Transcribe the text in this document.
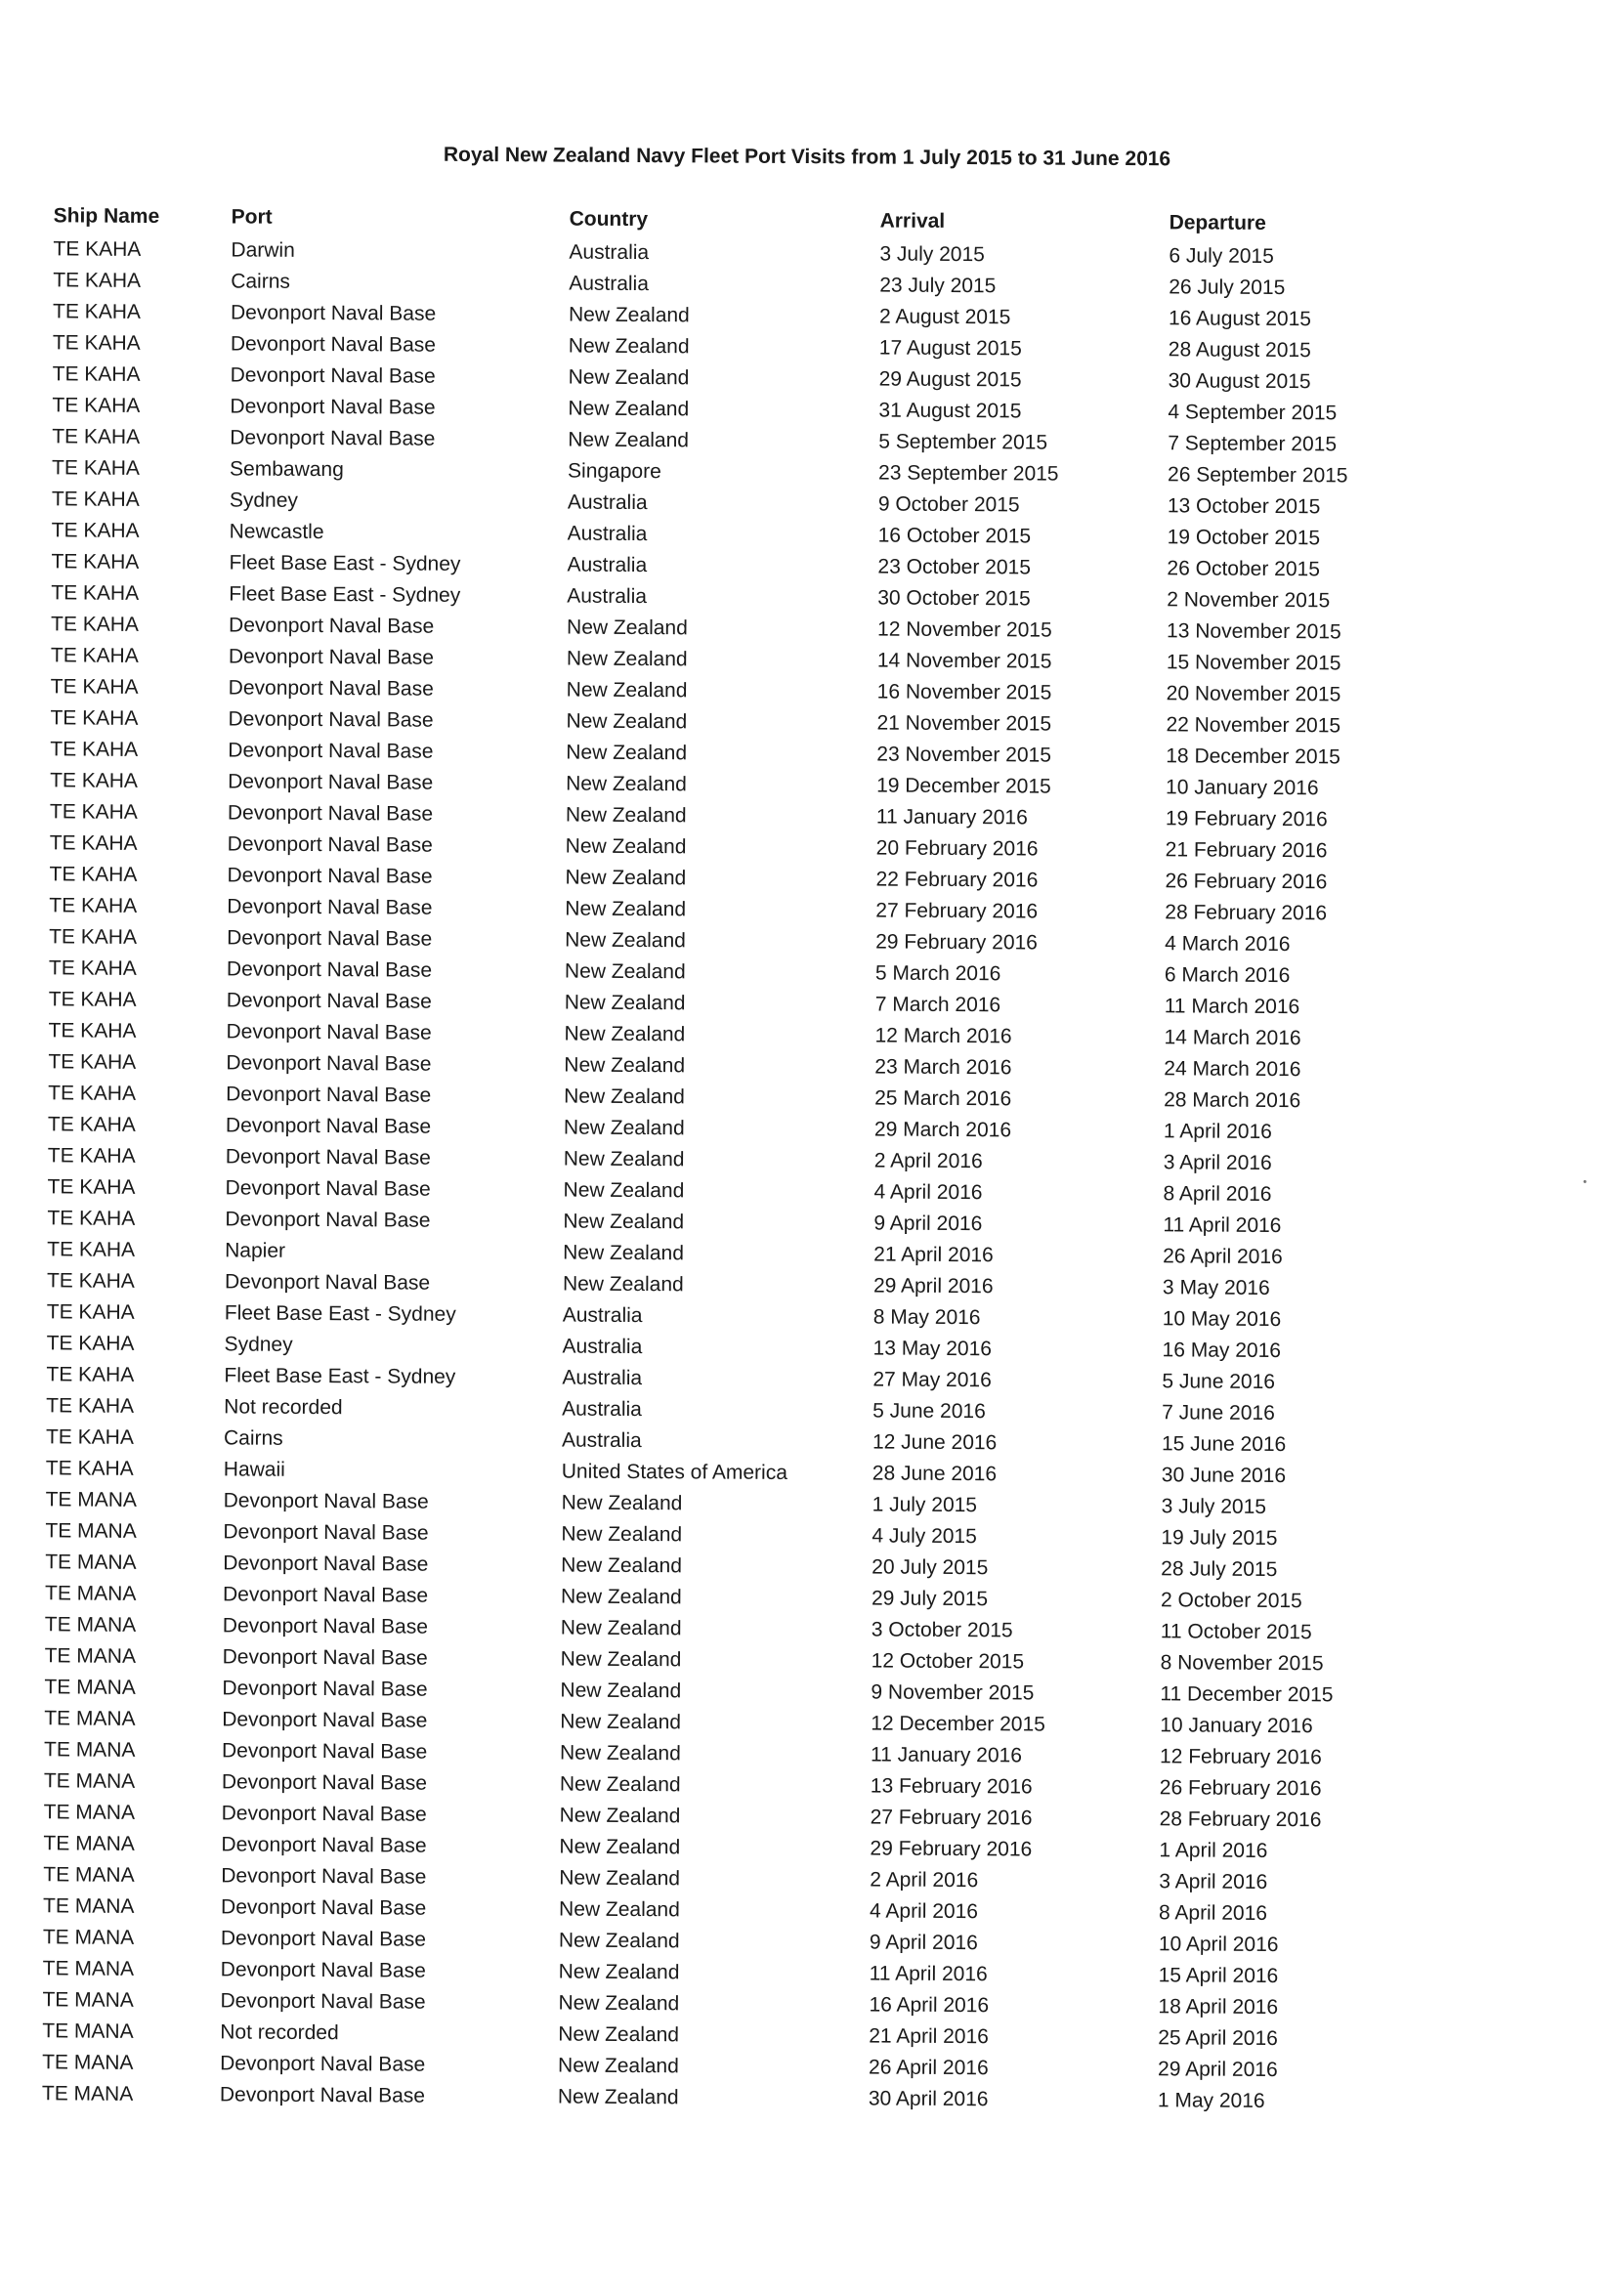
Royal New Zealand Navy Fleet Port Visits from 1 July 2015 to 31 June 2016
Ship Name	Port	Country	Arrival	Departure
TE KAHA	Darwin	Australia	3 July 2015	6 July 2015
TE KAHA	Cairns	Australia	23 July 2015	26 July 2015
TE KAHA	Devonport Naval Base	New Zealand	2 August 2015	16 August 2015
TE KAHA	Devonport Naval Base	New Zealand	17 August 2015	28 August 2015
TE KAHA	Devonport Naval Base	New Zealand	29 August 2015	30 August 2015
TE KAHA	Devonport Naval Base	New Zealand	31 August 2015	4 September 2015
TE KAHA	Devonport Naval Base	New Zealand	5 September 2015	7 September 2015
TE KAHA	Sembawang	Singapore	23 September 2015	26 September 2015
TE KAHA	Sydney	Australia	9 October 2015	13 October 2015
TE KAHA	Newcastle	Australia	16 October 2015	19 October 2015
TE KAHA	Fleet Base East - Sydney	Australia	23 October 2015	26 October 2015
TE KAHA	Fleet Base East - Sydney	Australia	30 October 2015	2 November 2015
TE KAHA	Devonport Naval Base	New Zealand	12 November 2015	13 November 2015
TE KAHA	Devonport Naval Base	New Zealand	14 November 2015	15 November 2015
TE KAHA	Devonport Naval Base	New Zealand	16 November 2015	20 November 2015
TE KAHA	Devonport Naval Base	New Zealand	21 November 2015	22 November 2015
TE KAHA	Devonport Naval Base	New Zealand	23 November 2015	18 December 2015
TE KAHA	Devonport Naval Base	New Zealand	19 December 2015	10 January 2016
TE KAHA	Devonport Naval Base	New Zealand	11 January 2016	19 February 2016
TE KAHA	Devonport Naval Base	New Zealand	20 February 2016	21 February 2016
TE KAHA	Devonport Naval Base	New Zealand	22 February 2016	26 February 2016
TE KAHA	Devonport Naval Base	New Zealand	27 February 2016	28 February 2016
TE KAHA	Devonport Naval Base	New Zealand	29 February 2016	4 March 2016
TE KAHA	Devonport Naval Base	New Zealand	5 March 2016	6 March 2016
TE KAHA	Devonport Naval Base	New Zealand	7 March 2016	11 March 2016
TE KAHA	Devonport Naval Base	New Zealand	12 March 2016	14 March 2016
TE KAHA	Devonport Naval Base	New Zealand	23 March 2016	24 March 2016
TE KAHA	Devonport Naval Base	New Zealand	25 March 2016	28 March 2016
TE KAHA	Devonport Naval Base	New Zealand	29 March 2016	1 April 2016
TE KAHA	Devonport Naval Base	New Zealand	2 April 2016	3 April 2016
TE KAHA	Devonport Naval Base	New Zealand	4 April 2016	8 April 2016
TE KAHA	Devonport Naval Base	New Zealand	9 April 2016	11 April 2016
TE KAHA	Napier	New Zealand	21 April 2016	26 April 2016
TE KAHA	Devonport Naval Base	New Zealand	29 April 2016	3 May 2016
TE KAHA	Fleet Base East - Sydney	Australia	8 May 2016	10 May 2016
TE KAHA	Sydney	Australia	13 May 2016	16 May 2016
TE KAHA	Fleet Base East - Sydney	Australia	27 May 2016	5 June 2016
TE KAHA	Not recorded	Australia	5 June 2016	7 June 2016
TE KAHA	Cairns	Australia	12 June 2016	15 June 2016
TE KAHA	Hawaii	United States of America	28 June 2016	30 June 2016
TE MANA	Devonport Naval Base	New Zealand	1 July 2015	3 July 2015
TE MANA	Devonport Naval Base	New Zealand	4 July 2015	19 July 2015
TE MANA	Devonport Naval Base	New Zealand	20 July 2015	28 July 2015
TE MANA	Devonport Naval Base	New Zealand	29 July 2015	2 October 2015
TE MANA	Devonport Naval Base	New Zealand	3 October 2015	11 October 2015
TE MANA	Devonport Naval Base	New Zealand	12 October 2015	8 November 2015
TE MANA	Devonport Naval Base	New Zealand	9 November 2015	11 December 2015
TE MANA	Devonport Naval Base	New Zealand	12 December 2015	10 January 2016
TE MANA	Devonport Naval Base	New Zealand	11 January 2016	12 February 2016
TE MANA	Devonport Naval Base	New Zealand	13 February 2016	26 February 2016
TE MANA	Devonport Naval Base	New Zealand	27 February 2016	28 February 2016
TE MANA	Devonport Naval Base	New Zealand	29 February 2016	1 April 2016
TE MANA	Devonport Naval Base	New Zealand	2 April 2016	3 April 2016
TE MANA	Devonport Naval Base	New Zealand	4 April 2016	8 April 2016
TE MANA	Devonport Naval Base	New Zealand	9 April 2016	10 April 2016
TE MANA	Devonport Naval Base	New Zealand	11 April 2016	15 April 2016
TE MANA	Devonport Naval Base	New Zealand	16 April 2016	18 April 2016
TE MANA	Not recorded	New Zealand	21 April 2016	25 April 2016
TE MANA	Devonport Naval Base	New Zealand	26 April 2016	29 April 2016
TE MANA	Devonport Naval Base	New Zealand	30 April 2016	1 May 2016
